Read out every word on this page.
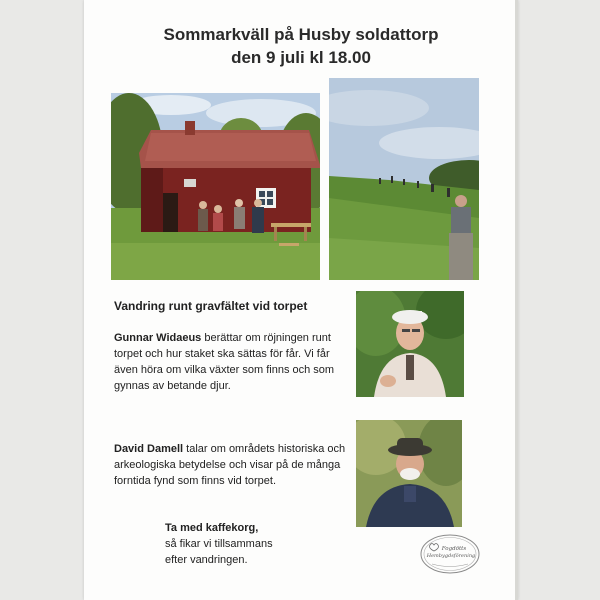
Sommarkväll på Husby soldattorp
den 9 juli kl 18.00
Vandring runt gravfältet vid torpet

Gunnar Widaeus berättar om röjningen runt torpet och hur staket ska sättas för får. Vi får även höra om vilka växter som finns och som gynnas av betande djur.

David Damell talar om områdets historiska och arkeologiska betydelse och visar på de många forntida fynd som finns vid torpet.

Ta med kaffekorg,
så fikar vi tillsammans
efter vandringen.
Fogdötts
Hembygdsförening
